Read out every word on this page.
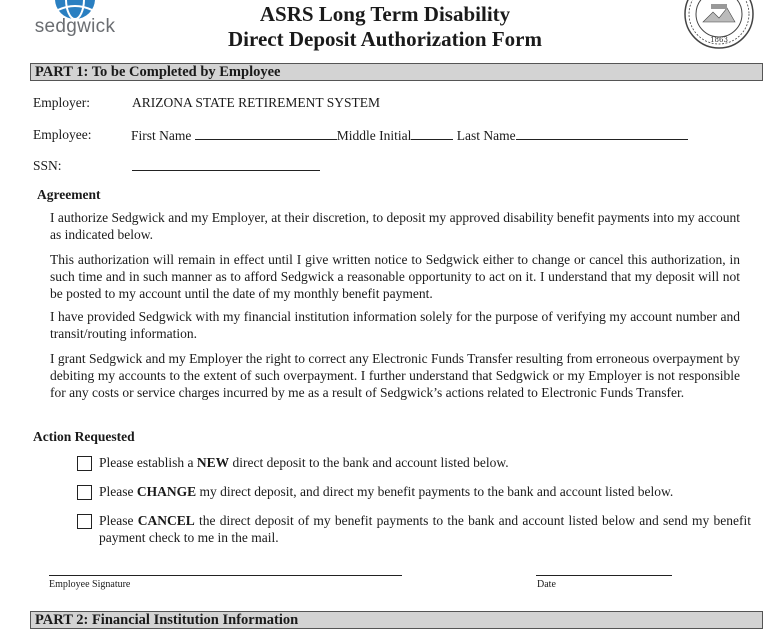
sedgwick
ASRS Long Term Disability
Direct Deposit Authorization Form	1863
PART 1: To be Completed by Employee
Employer:	ARIZONA STATE RETIREMENT SYSTEM
Employee:	First Name	Middle Initial	Last Name
SSN:
Agreement
I authorize Sedgwick and my Employer, at their discretion, to deposit my approved disability benefit payments into my account as indicated below.
This authorization will remain in effect until I give written notice to Sedgwick either to change or cancel this authorization, in such time and in such manner as to afford Sedgwick a reasonable opportunity to act on it. I understand that my deposit will not be posted to my account until the date of my monthly benefit payment.
I have provided Sedgwick with my financial institution information solely for the purpose of verifying my account number and transit/routing information.
I grant Sedgwick and my Employer the right to correct any Electronic Funds Transfer resulting from erroneous overpayment by debiting my accounts to the extent of such overpayment. I further understand that Sedgwick or my Employer is not responsible for any costs or service charges incurred by me as a result of Sedgwick’s actions related to Electronic Funds Transfer.
Action Requested
Please establish a NEW direct deposit to the bank and account listed below.
Please CHANGE my direct deposit, and direct my benefit payments to the bank and account listed below.
Please CANCEL the direct deposit of my benefit payments to the bank and account listed below and send my benefit payment check to me in the mail.
Employee Signature	Date
PART 2: Financial Institution Information
